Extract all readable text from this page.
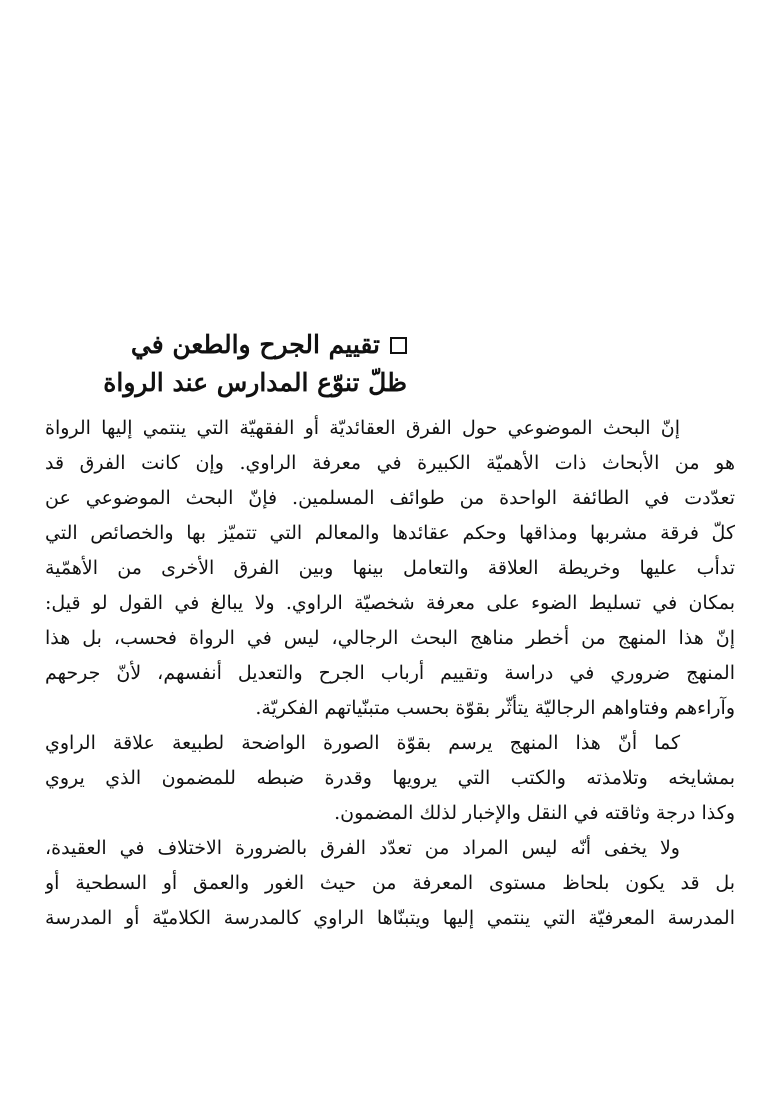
تقييم الجرح والطعن في
ظلّ تنوّع المدارس عند الرواة
إنّ البحث الموضوعي حول الفرق العقائديّة أو الفقهيّة التي ينتمي إليها الرواة
هو من الأبحاث ذات الأهميّة الكبيرة في معرفة الراوي. وإن كانت الفرق قد
تعدّدت في الطائفة الواحدة من طوائف المسلمين. فإنّ البحث الموضوعي عن
كلّ فرقة مشربها ومذاقها وحكم عقائدها والمعالم التي تتميّز بها والخصائص التي
تدأب عليها وخريطة العلاقة والتعامل بينها وبين الفرق الأخرى من الأهمّية
بمكان في تسليط الضوء على معرفة شخصيّة الراوي. ولا يبالغ في القول لو قيل:
إنّ هذا المنهج من أخطر مناهج البحث الرجالي، ليس في الرواة فحسب، بل هذا
المنهج ضروري في دراسة وتقييم أرباب الجرح والتعديل أنفسهم، لأنّ جرحهم
وآراءهم وفتاواهم الرجاليّة يتأثّر بقوّة بحسب متبنّياتهم الفكريّة.
كما أنّ هذا المنهج يرسم بقوّة الصورة الواضحة لطبيعة علاقة الراوي
بمشايخه وتلامذته والكتب التي يرويها وقدرة ضبطه للمضمون الذي يروي
وكذا درجة وثاقته في النقل والإخبار لذلك المضمون.
ولا يخفى أنّه ليس المراد من تعدّد الفرق بالضرورة الاختلاف في العقيدة،
بل قد يكون بلحاظ مستوى المعرفة من حيث الغور والعمق أو السطحية أو
المدرسة المعرفيّة التي ينتمي إليها ويتبنّاها الراوي كالمدرسة الكلاميّة أو المدرسة
